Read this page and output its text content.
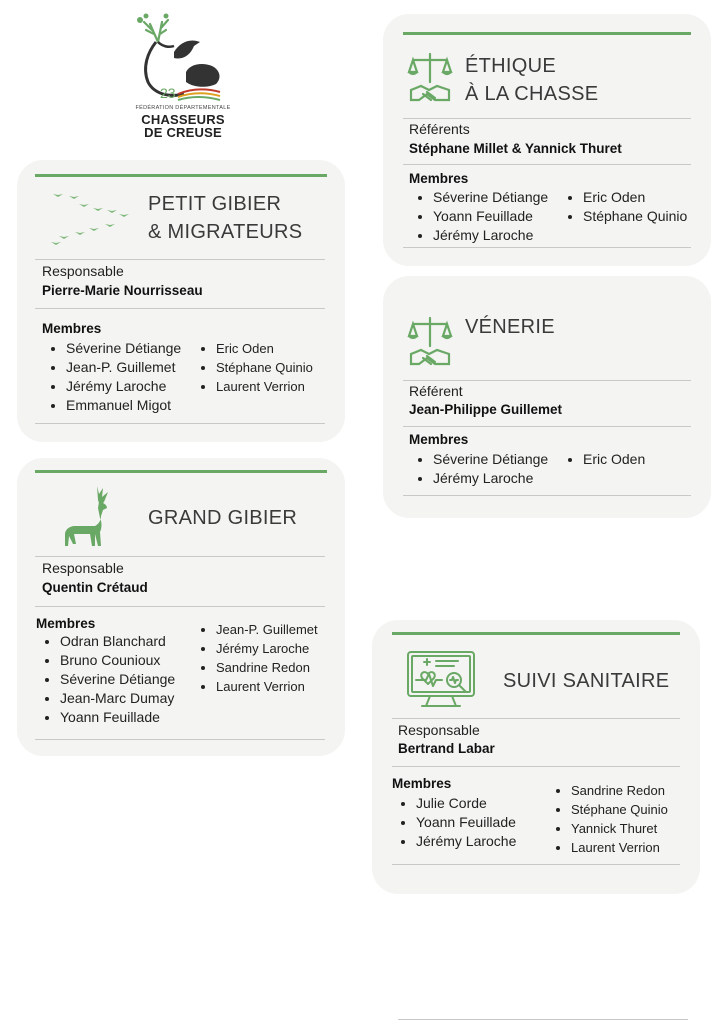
23
FÉDÉRATION DÉPARTEMENTALE
CHASSEURS
DE CREUSE
PETIT GIBIER
& MIGRATEURS
Responsable
Pierre-Marie Nourrisseau
Membres
• Séverine Détiange
• Jean-P. Guillemet
• Jérémy Laroche
• Emmanuel Migot
• Eric Oden
• Stéphane Quinio
• Laurent Verrion
GRAND GIBIER
Responsable
Quentin Crétaud
Membres
• Odran Blanchard
• Bruno Counioux
• Séverine Détiange
• Jean-Marc Dumay
• Yoann Feuillade
• Jean-P. Guillemet
• Jérémy Laroche
• Sandrine Redon
• Laurent Verrion
ÉTHIQUE
À LA CHASSE
Référents
Stéphane Millet & Yannick Thuret
Membres
• Séverine Détiange
• Yoann Feuillade
• Jérémy Laroche
• Eric Oden
• Stéphane Quinio
VÉNERIE
Référent
Jean-Philippe Guillemet
Membres
• Séverine Détiange
• Jérémy Laroche
• Eric Oden
SUIVI SANITAIRE
Responsable
Bertrand Labar
Membres
• Julie Corde
• Yoann Feuillade
• Jérémy Laroche
• Sandrine Redon
• Stéphane Quinio
• Yannick Thuret
• Laurent Verrion
